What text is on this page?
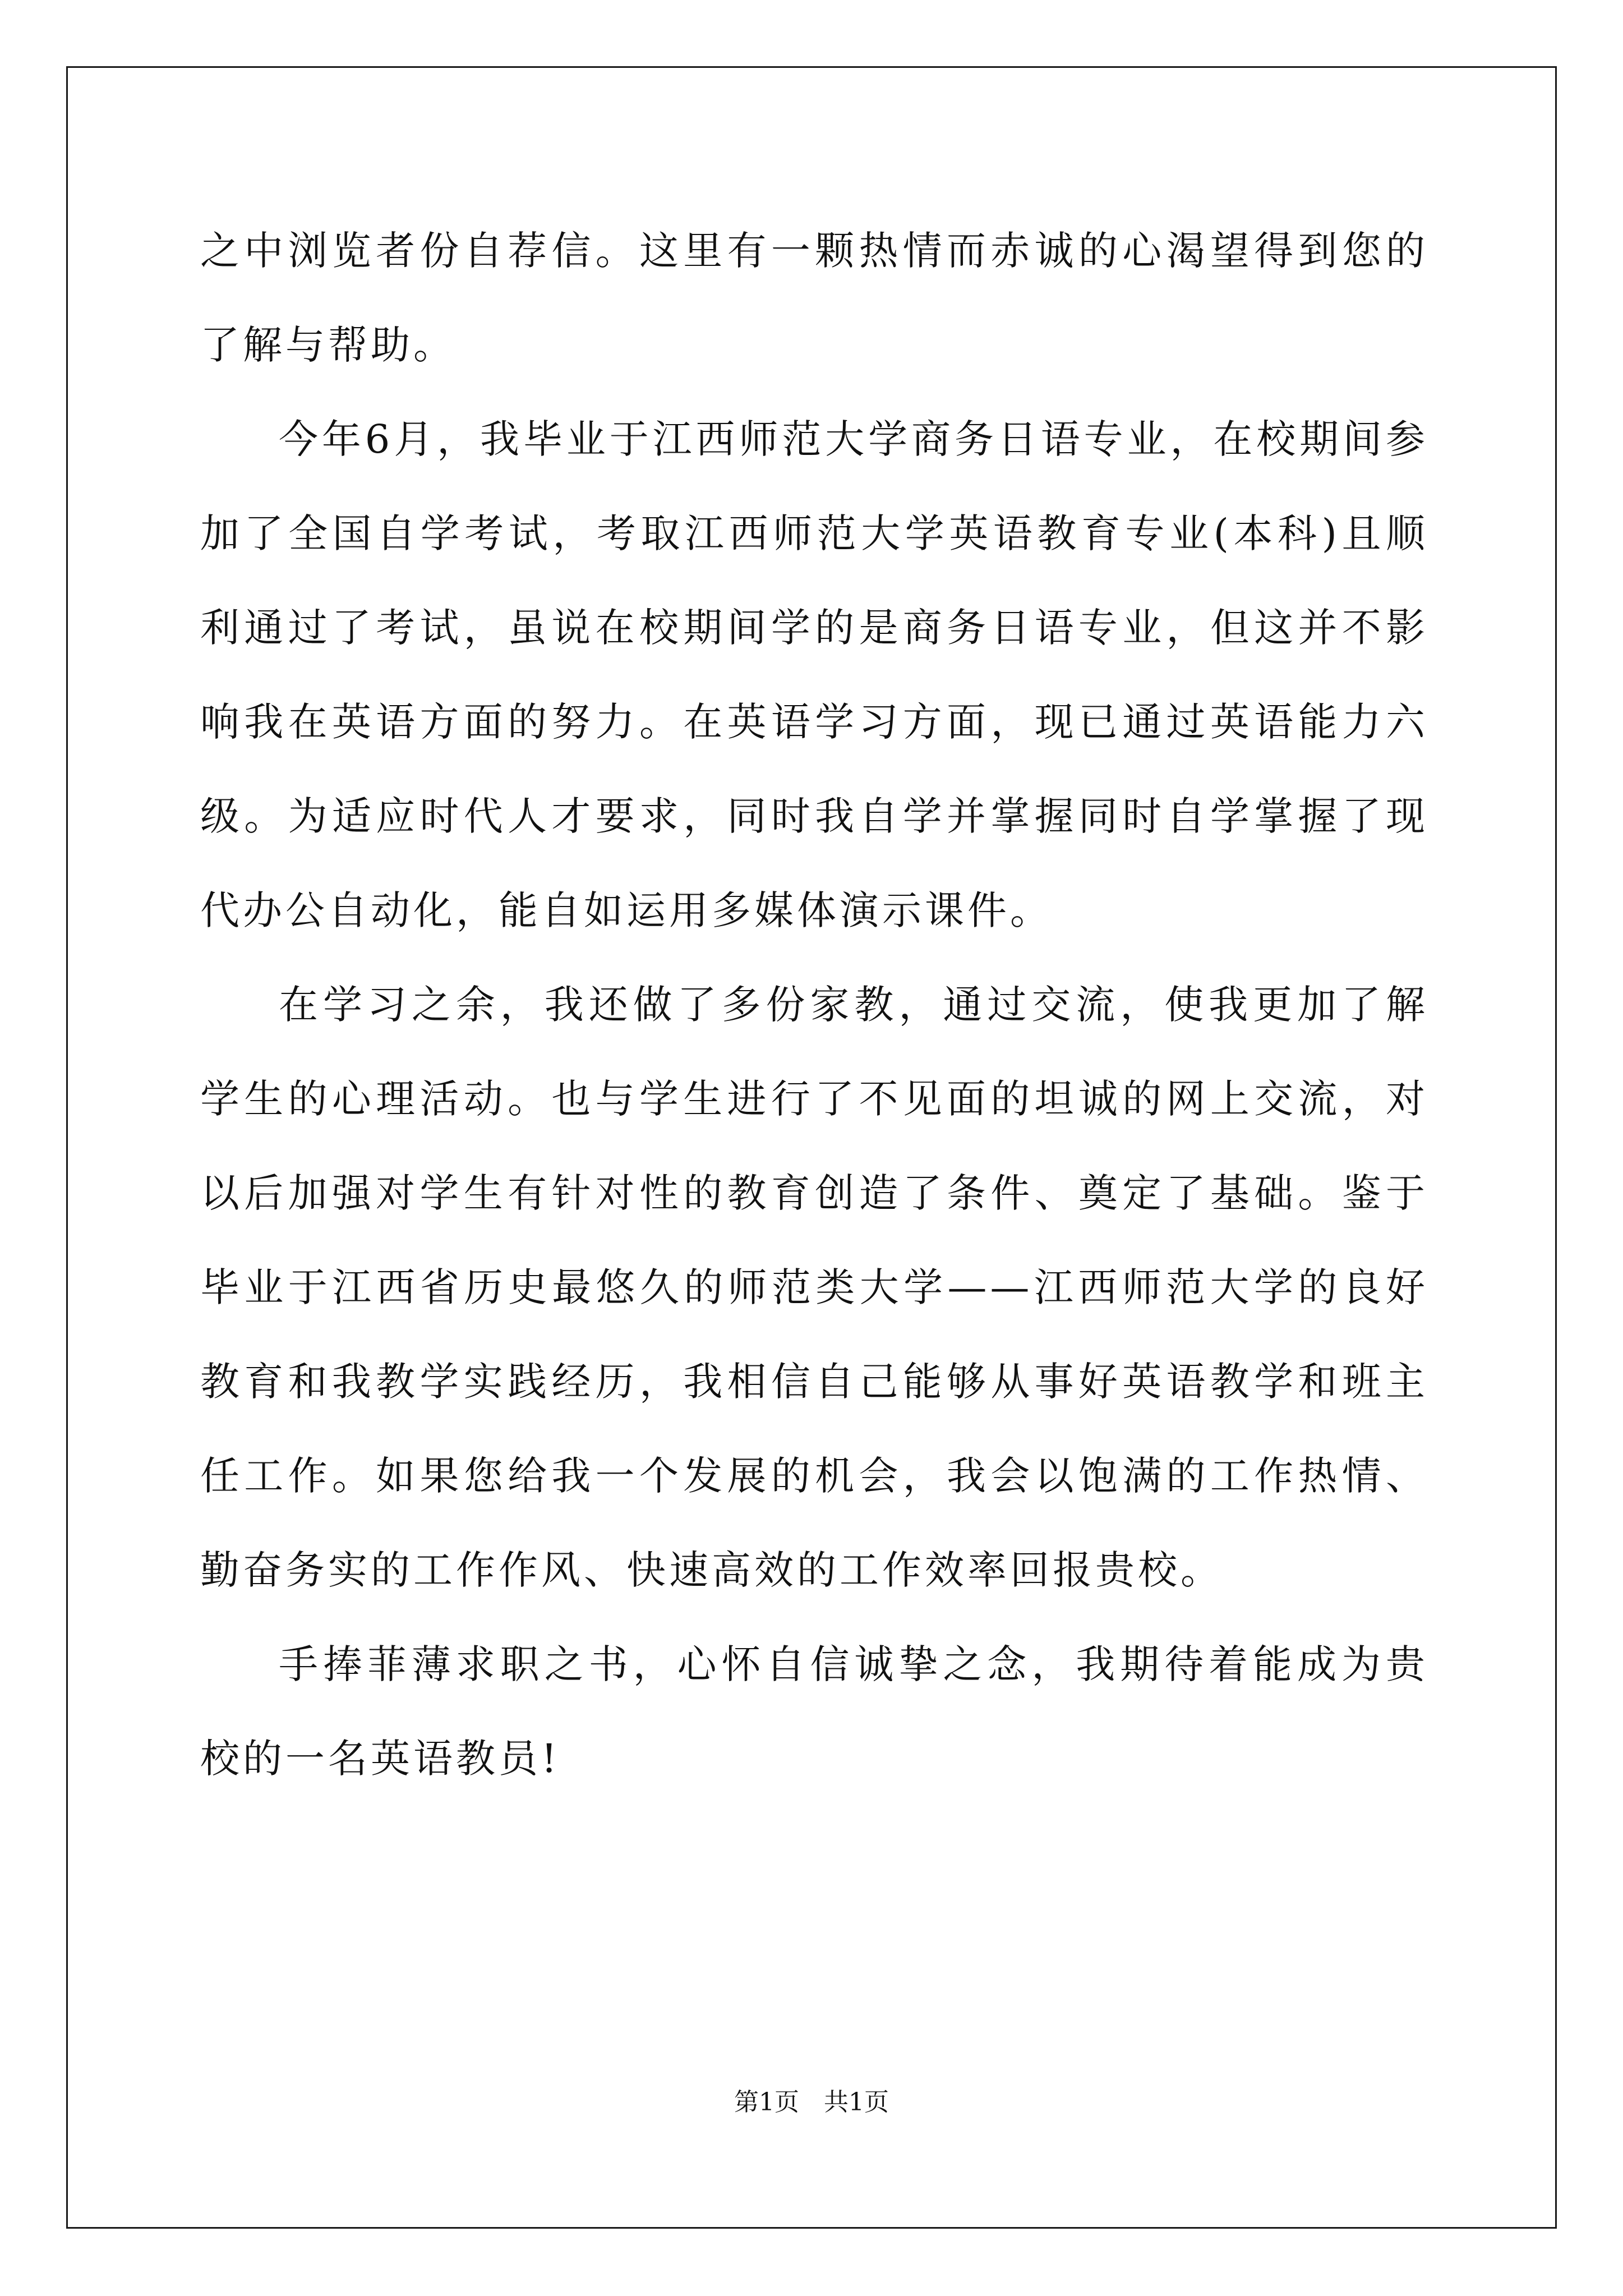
之中浏览者份自荐信。这里有一颗热情而赤诚的心渴望得到您的了解与帮助。

今年6月，我毕业于江西师范大学商务日语专业，在校期间参加了全国自学考试，考取江西师范大学英语教育专业(本科)且顺利通过了考试，虽说在校期间学的是商务日语专业，但这并不影响我在英语方面的努力。在英语学习方面，现已通过英语能力六级。为适应时代人才要求，同时我自学并掌握同时自学掌握了现代办公自动化，能自如运用多媒体演示课件。

在学习之余，我还做了多份家教，通过交流，使我更加了解学生的心理活动。也与学生进行了不见面的坦诚的网上交流，对以后加强对学生有针对性的教育创造了条件、奠定了基础。鉴于毕业于江西省历史最悠久的师范类大学——江西师范大学的良好教育和我教学实践经历，我相信自己能够从事好英语教学和班主任工作。如果您给我一个发展的机会，我会以饱满的工作热情、勤奋务实的工作作风、快速高效的工作效率回报贵校。

手捧菲薄求职之书，心怀自信诚挚之念，我期待着能成为贵校的一名英语教员!

第1页 共1页
